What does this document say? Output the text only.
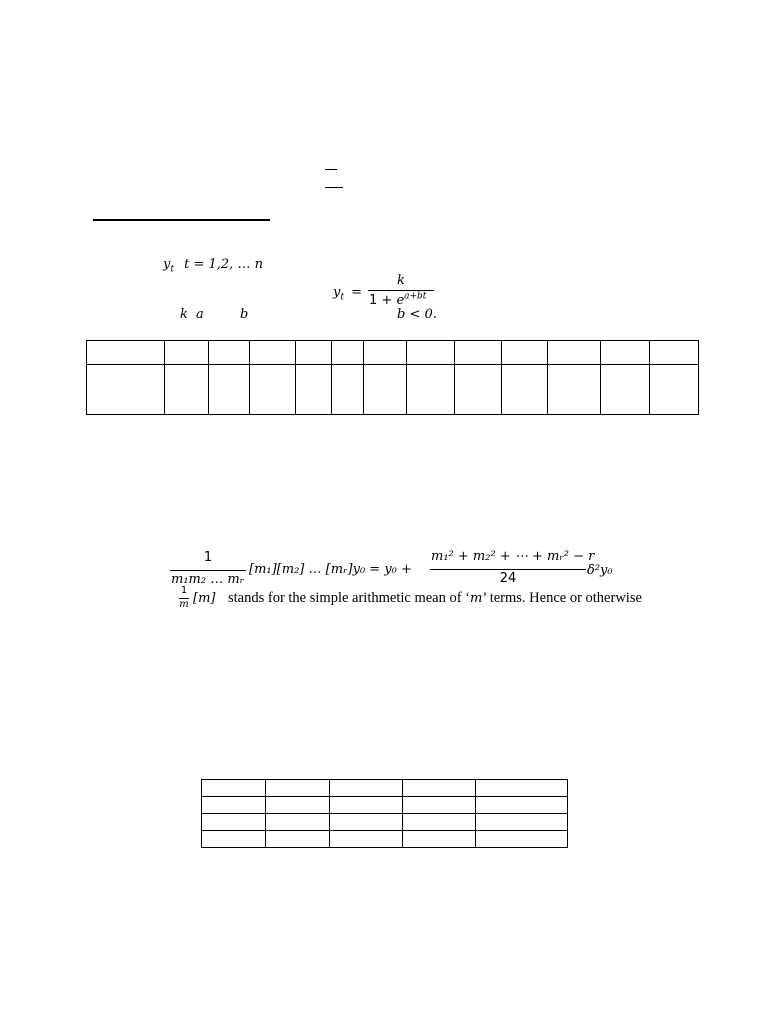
$y_t$ t = 1,2, … n
$y_t$ =
k
$1 + e^{a+bt}$
k a	b	b < 0.

1
m₁m₂ … mᵣ
[m₁][m₂] … [mᵣ]y₀ = y₀ +
m₁² + m₂² + ⋯ + mᵣ² − r
24
δ²y₀
1
m [m] stands for the simple arithmetic mean of ‘m’ terms. Hence or otherwise
